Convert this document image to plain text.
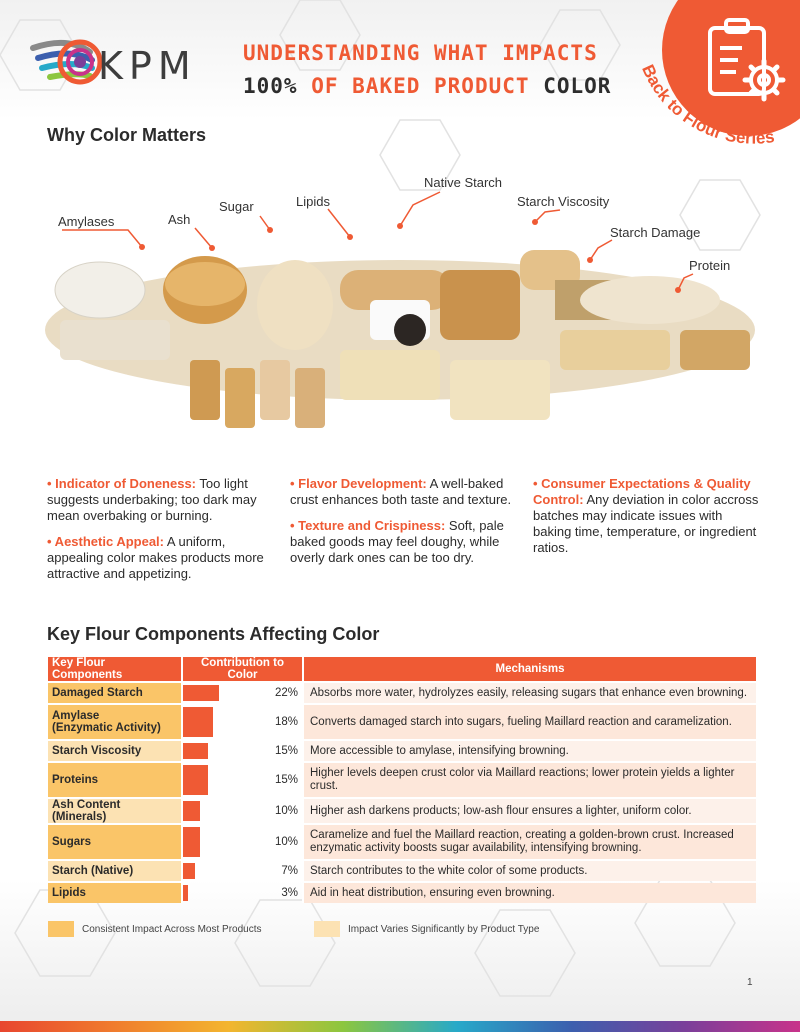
KPM UNDERSTANDING WHAT IMPACTS
100% OF BAKED PRODUCT COLOR
Back to Flour Series
Why Color Matters
Amylases	Ash
Sugar	Lipids
Native Starch
Starch Viscosity
Starch Damage
Protein

• Indicator of Doneness: Too light suggests underbaking; too dark may mean overbaking or burning.

• Aesthetic Appeal: A uniform, appealing color makes products more attractive and appetizing.

• Flavor Development: A well-baked crust enhances both taste and texture.

• Texture and Crispiness: Soft, pale baked goods may feel doughy, while overly dark ones can be too dry.

• Consumer Expectations & Quality Control: Any deviation in color accross batches may indicate issues with baking time, temperature, or ingredient ratios.

Key Flour Components Affecting Color
Key Flour Components	Contribution to Color	Mechanisms
Damaged Starch	22%	Absorbs more water, hydrolyzes easily, releasing sugars that enhance even browning.
Amylase
(Enzymatic Activity)	18%	Converts damaged starch into sugars, fueling Maillard reaction and caramelization.
Starch Viscosity	15%	More accessible to amylase, intensifying browning.
Proteins	15%	Higher levels deepen crust color via Maillard reactions; lower protein yields a lighter crust.
Ash Content (Minerals)	10%	Higher ash darkens products; low-ash flour ensures a lighter, uniform color.
Sugars	10%	Caramelize and fuel the Maillard reaction, creating a golden-brown crust. Increased enzymatic activity boosts sugar availability, intensifying browning.
Starch (Native)	7%	Starch contributes to the white color of some products.
Lipids	3%	Aid in heat distribution, ensuring even browning.
Consistent Impact Across Most Products	Impact Varies Significantly by Product Type
1
